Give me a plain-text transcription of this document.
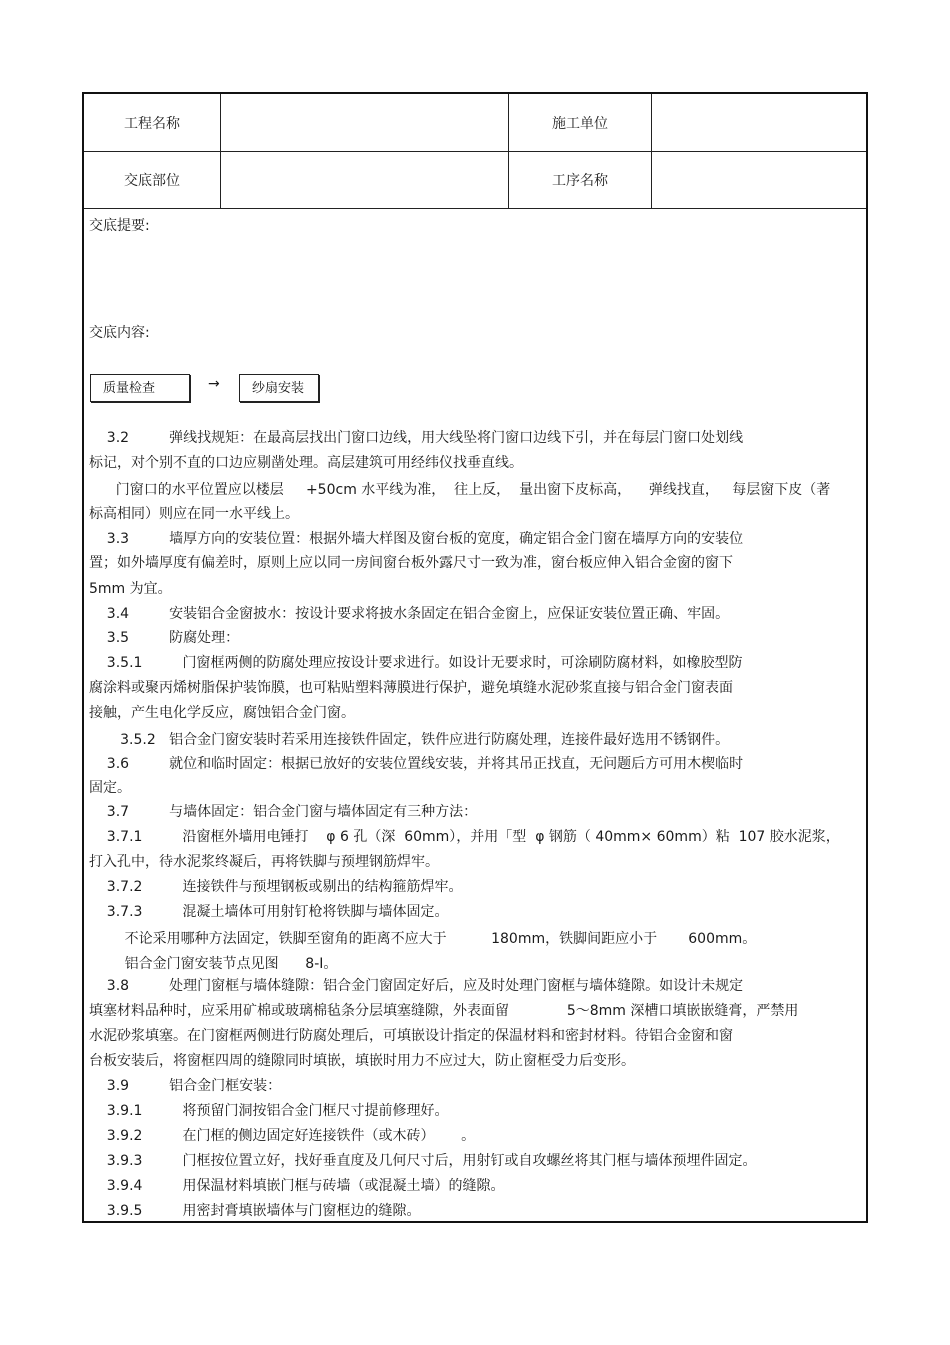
工程名称	施工单位
交底部位	工序名称
交底提要:
交底内容:
质量检查	→	纱扇安装
3.2         弹线找规矩：在最高层找出门窗口边线，用大线坠将门窗口边线下引，并在每层门窗口处划线
标记，对个别不直的口边应剔凿处理。高层建筑可用经纬仪找垂直线。
门窗口的水平位置应以楼层     +50cm 水平线为准，  往上反，  量出窗下皮标高，    弹线找直，   每层窗下皮（著
标高相同）则应在同一水平线上。
3.3         墙厚方向的安装位置：根据外墙大样图及窗台板的宽度，确定铝合金门窗在墙厚方向的安装位
置；如外墙厚度有偏差时，原则上应以同一房间窗台板外露尺寸一致为准，窗台板应伸入铝合金窗的窗下
5mm 为宜。
3.4         安装铝合金窗披水：按设计要求将披水条固定在铝合金窗上，应保证安装位置正确、牢固。
3.5         防腐处理：
3.5.1         门窗框两侧的防腐处理应按设计要求进行。如设计无要求时，可涂刷防腐材料，如橡胶型防
腐涂料或聚丙烯树脂保护装饰膜，也可粘贴塑料薄膜进行保护，避免填缝水泥砂浆直接与铝合金门窗表面
接触，产生电化学反应，腐蚀铝合金门窗。
3.5.2   铝合金门窗安装时若采用连接铁件固定，铁件应进行防腐处理，连接件最好选用不锈钢件。
3.6         就位和临时固定：根据已放好的安装位置线安装，并将其吊正找直，无问题后方可用木楔临时
固定。
3.7         与墙体固定：铝合金门窗与墙体固定有三种方法：
3.7.1         沿窗框外墙用电锤打    φ 6 孔（深  60mm），并用「型  φ 钢筋（ 40mm× 60mm）粘  107 胶水泥浆，
打入孔中，待水泥浆终凝后，再将铁脚与预埋钢筋焊牢。
3.7.2         连接铁件与预埋钢板或剔出的结构箍筋焊牢。
3.7.3         混凝土墙体可用射钉枪将铁脚与墙体固定。
不论采用哪种方法固定，铁脚至窗角的距离不应大于          180mm，铁脚间距应小于       600mm。
铝合金门窗安装节点见图      8-I。
3.8         处理门窗框与墙体缝隙：铝合金门窗固定好后，应及时处理门窗框与墙体缝隙。如设计未规定
填塞材料品种时，应采用矿棉或玻璃棉毡条分层填塞缝隙，外表面留             5～8mm 深槽口填嵌嵌缝膏，严禁用
水泥砂浆填塞。在门窗框两侧进行防腐处理后，可填嵌设计指定的保温材料和密封材料。待铝合金窗和窗
台板安装后，将窗框四周的缝隙同时填嵌，填嵌时用力不应过大，防止窗框受力后变形。
3.9         铝合金门框安装：
3.9.1         将预留门洞按铝合金门框尺寸提前修理好。
3.9.2         在门框的侧边固定好连接铁件（或木砖）      。
3.9.3         门框按位置立好，找好垂直度及几何尺寸后，用射钉或自攻螺丝将其门框与墙体预埋件固定。
3.9.4         用保温材料填嵌门框与砖墙（或混凝土墙）的缝隙。
3.9.5         用密封膏填嵌墙体与门窗框边的缝隙。
